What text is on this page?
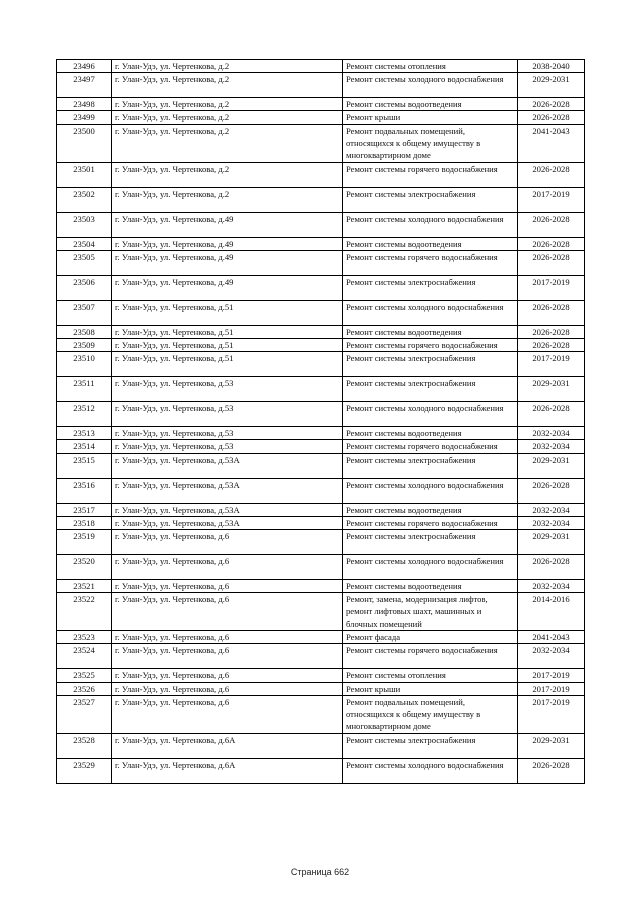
23496	г. Улан-Удэ, ул. Чертенкова, д.2	Ремонт системы отопления	2038-2040
23497	г. Улан-Удэ, ул. Чертенкова, д.2	Ремонт системы холодного водоснабжения	2029-2031
23498	г. Улан-Удэ, ул. Чертенкова, д.2	Ремонт системы водоотведения	2026-2028
23499	г. Улан-Удэ, ул. Чертенкова, д.2	Ремонт крыши	2026-2028
23500	г. Улан-Удэ, ул. Чертенкова, д.2	Ремонт подвальных помещений, относящихся к общему имуществу в многоквартирном доме	2041-2043
23501	г. Улан-Удэ, ул. Чертенкова, д.2	Ремонт системы горячего водоснабжения	2026-2028
23502	г. Улан-Удэ, ул. Чертенкова, д.2	Ремонт системы электроснабжения	2017-2019
23503	г. Улан-Удэ, ул. Чертенкова, д.49	Ремонт системы холодного водоснабжения	2026-2028
23504	г. Улан-Удэ, ул. Чертенкова, д.49	Ремонт системы водоотведения	2026-2028
23505	г. Улан-Удэ, ул. Чертенкова, д.49	Ремонт системы горячего водоснабжения	2026-2028
23506	г. Улан-Удэ, ул. Чертенкова, д.49	Ремонт системы электроснабжения	2017-2019
23507	г. Улан-Удэ, ул. Чертенкова, д.51	Ремонт системы холодного водоснабжения	2026-2028
23508	г. Улан-Удэ, ул. Чертенкова, д.51	Ремонт системы водоотведения	2026-2028
23509	г. Улан-Удэ, ул. Чертенкова, д.51	Ремонт системы горячего водоснабжения	2026-2028
23510	г. Улан-Удэ, ул. Чертенкова, д.51	Ремонт системы электроснабжения	2017-2019
23511	г. Улан-Удэ, ул. Чертенкова, д.53	Ремонт системы электроснабжения	2029-2031
23512	г. Улан-Удэ, ул. Чертенкова, д.53	Ремонт системы холодного водоснабжения	2026-2028
23513	г. Улан-Удэ, ул. Чертенкова, д.53	Ремонт системы водоотведения	2032-2034
23514	г. Улан-Удэ, ул. Чертенкова, д.53	Ремонт системы горячего водоснабжения	2032-2034
23515	г. Улан-Удэ, ул. Чертенкова, д.53А	Ремонт системы электроснабжения	2029-2031
23516	г. Улан-Удэ, ул. Чертенкова, д.53А	Ремонт системы холодного водоснабжения	2026-2028
23517	г. Улан-Удэ, ул. Чертенкова, д.53А	Ремонт системы водоотведения	2032-2034
23518	г. Улан-Удэ, ул. Чертенкова, д.53А	Ремонт системы горячего водоснабжения	2032-2034
23519	г. Улан-Удэ, ул. Чертенкова, д.6	Ремонт системы электроснабжения	2029-2031
23520	г. Улан-Удэ, ул. Чертенкова, д.6	Ремонт системы холодного водоснабжения	2026-2028
23521	г. Улан-Удэ, ул. Чертенкова, д.6	Ремонт системы водоотведения	2032-2034
23522	г. Улан-Удэ, ул. Чертенкова, д.6	Ремонт, замена, модернизация лифтов, ремонт лифтовых шахт, машинных и блочных помещений	2014-2016
23523	г. Улан-Удэ, ул. Чертенкова, д.6	Ремонт фасада	2041-2043
23524	г. Улан-Удэ, ул. Чертенкова, д.6	Ремонт системы горячего водоснабжения	2032-2034
23525	г. Улан-Удэ, ул. Чертенкова, д.6	Ремонт системы отопления	2017-2019
23526	г. Улан-Удэ, ул. Чертенкова, д.6	Ремонт крыши	2017-2019
23527	г. Улан-Удэ, ул. Чертенкова, д.6	Ремонт подвальных помещений, относящихся к общему имуществу в многоквартирном доме	2017-2019
23528	г. Улан-Удэ, ул. Чертенкова, д.6А	Ремонт системы электроснабжения	2029-2031
23529	г. Улан-Удэ, ул. Чертенкова, д.6А	Ремонт системы холодного водоснабжения	2026-2028
Страница 662
